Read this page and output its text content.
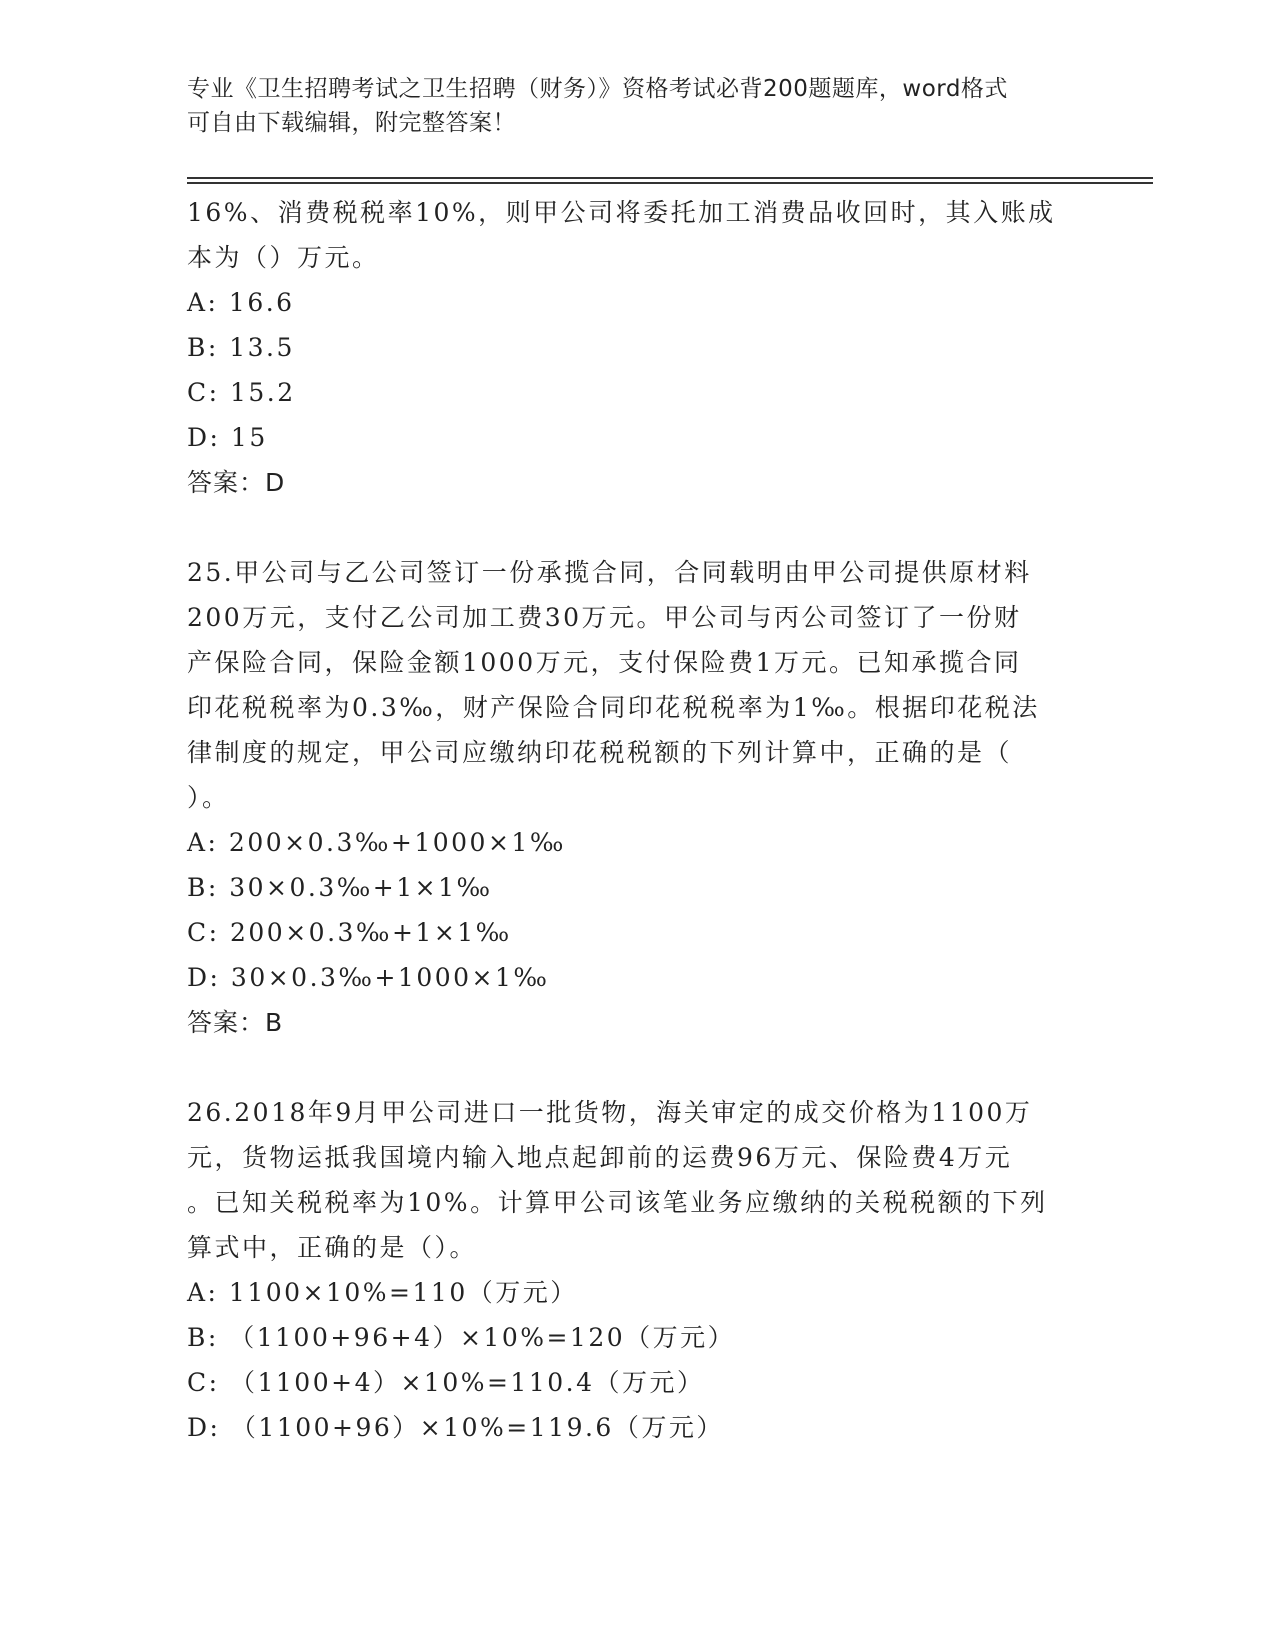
专业《卫生招聘考试之卫生招聘（财务）》资格考试必背200题题库，word格式
可自由下载编辑，附完整答案！
16%、消费税税率10%，则甲公司将委托加工消费品收回时，其入账成
本为（）万元。
A: 16.6
B: 13.5
C: 15.2
D: 15
答案：D
25.甲公司与乙公司签订一份承揽合同，合同载明由甲公司提供原材料
200万元，支付乙公司加工费30万元。甲公司与丙公司签订了一份财
产保险合同，保险金额1000万元，支付保险费1万元。已知承揽合同
印花税税率为0.3‰，财产保险合同印花税税率为1‰。根据印花税法
律制度的规定，甲公司应缴纳印花税税额的下列计算中，正确的是（
）。
A: 200×0.3‰+1000×1‰
B: 30×0.3‰+1×1‰
C: 200×0.3‰+1×1‰
D: 30×0.3‰+1000×1‰
答案：B
26.2018年9月甲公司进口一批货物，海关审定的成交价格为1100万
元，货物运抵我国境内输入地点起卸前的运费96万元、保险费4万元
。已知关税税率为10%。计算甲公司该笔业务应缴纳的关税税额的下列
算式中，正确的是（）。
A: 1100×10%=110（万元）
B: （1100+96+4）×10%=120（万元）
C: （1100+4）×10%=110.4（万元）
D: （1100+96）×10%=119.6（万元）
